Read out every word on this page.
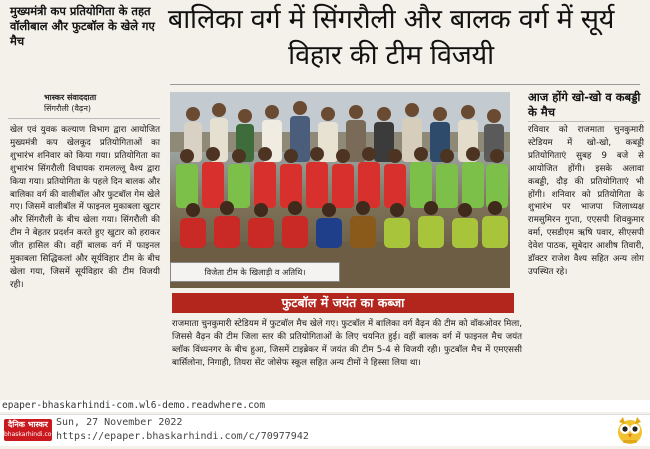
मुख्यमंत्री कप प्रतियोगिता के तहत वॉलीबाल और फुटबॉल के खेले गए मैच
भास्कर संवाददाता
सिंगरौली (वैढ़न)
खेल एवं युवक कल्याण विभाग द्वारा आयोजित मुख्यमंत्री कप खेलकूद प्रतियोगिताओं का शुभारंभ शनिवार को किया गया। प्रतियोगिता का शुभारंभ सिंगरौली विधायक रामलल्लू वैश्य द्वारा किया गया। प्रतियोगिता के पहले दिन बालक और बालिका वर्ग की वालीबॉल और फुटबॉल गेम खेले गए। जिसमें वालीबॉल में फाइनल मुकाबला खुटार और सिंगरौली के बीच खेला गया। सिंगरौली की टीम ने बेहतर प्रदर्शन करते हुए खुटार को हराकर जीत हासिल की। वहीं बालक वर्ग में फाइनल मुकाबला सिद्धिकलां और सूर्यविहार टीम के बीच खेला गया, जिसमें सूर्यविहार की टीम विजयी रही।
बालिका वर्ग में सिंगरौली और बालक वर्ग में सूर्य विहार की टीम विजयी
विजेता टीम के खिलाड़ी व अतिथि।
आज होंगे खो-खो व कबड्डी के मैच
रविवार को राजमाता चुनकुमारी स्टेडियम में खो-खो, कबड्डी प्रतियोगिताएं सुबह 9 बजे से आयोजित होंगी। इसके अलावा कबड्डी, दौड़ की प्रतियोगिताएं भी होंगी। शनिवार को प्रतियोगिता के शुभारंभ पर भाजपा जिलाध्यक्ष रामसुमिरन गुप्ता, एएसपी शिवकुमार वर्मा, एसडीएम ऋषि पवार, सीएसपी देवेश पाठक, सूबेदार आशीष तिवारी, डॉक्टर राजेश वैश्य सहित अन्य लोग उपस्थित रहे।
फुटबॉल में जयंत का कब्जा
राजमाता चुनकुमारी स्टेडियम में फुटबॉल मैच खेले गए। फुटबॉल में बालिका वर्ग वैढ़न की टीम को वॉकओवर मिला, जिससे वैढ़न की टीम जिला स्तर की प्रतियोगिताओं के लिए चयनित हुई। वहीं बालक वर्ग में फाइनल मैच जयंत ब्लॉक विंध्यनगर के बीच हुआ, जिसमें टाइब्रेकर में जयंत की टीम 5-4 से विजयी रही। फुटबॉल मैच में एमएससी बार्सिलोना, निगाही, तियरा सेंट जोसेफ स्कूल सहित अन्य टीमों ने हिस्सा लिया था।
epaper-bhaskarhindi-com.wl6-demo.readwhere.com
दैनिक भास्कर
bhaskarhindi.com
Sun, 27 November 2022
https://epaper.bhaskarhindi.com/c/70977942
